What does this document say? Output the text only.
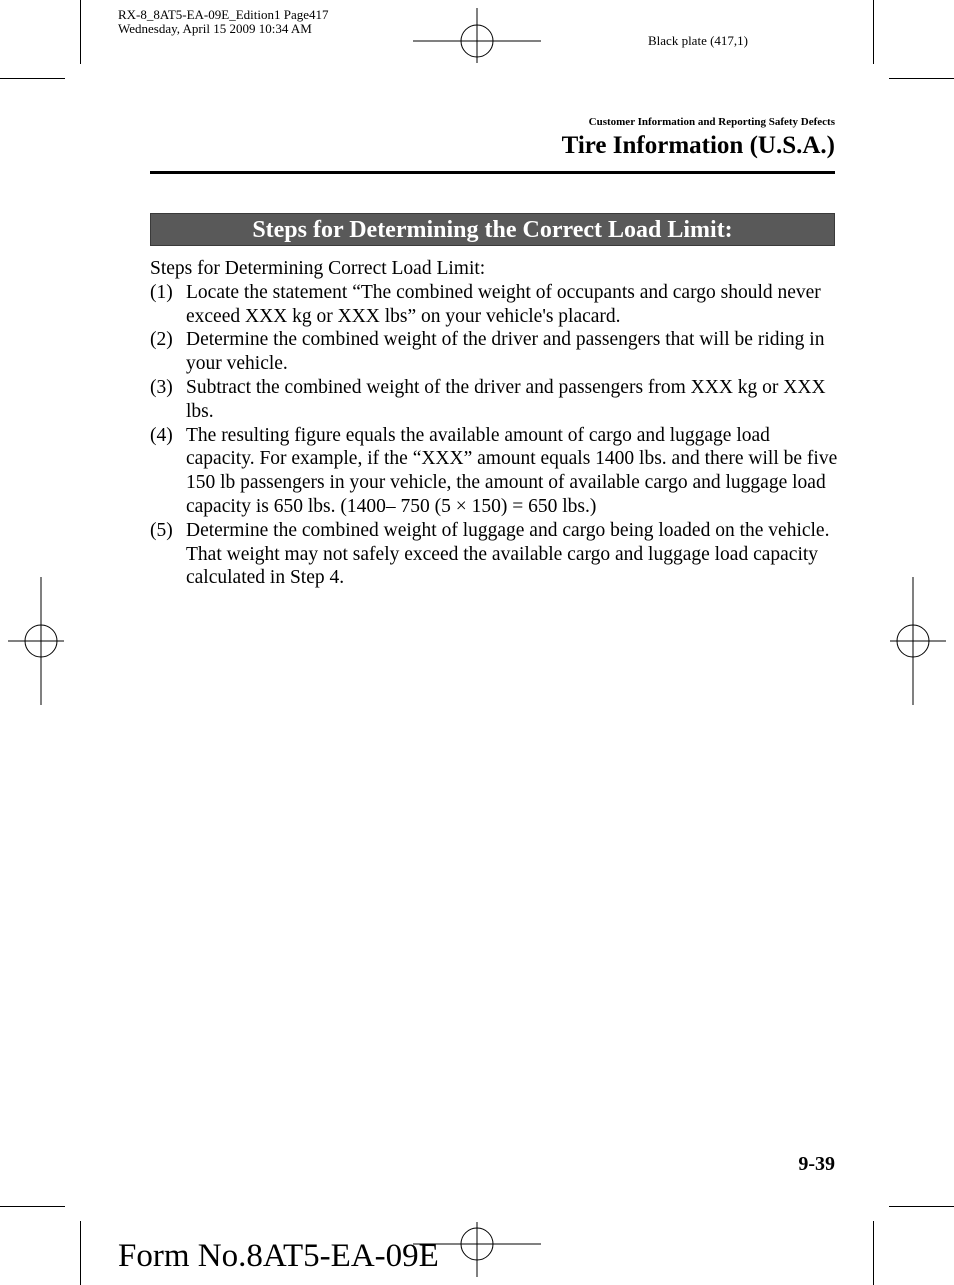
RX-8_8AT5-EA-09E_Edition1 Page417
Wednesday, April 15 2009 10:34 AM
Black plate (417,1)
Customer Information and Reporting Safety Defects
Tire Information (U.S.A.)
Steps for Determining the Correct Load Limit:

Steps for Determining Correct Load Limit:

(1) Locate the statement “The combined weight of occupants and cargo should never exceed XXX kg or XXX lbs” on your vehicle's placard.
(2) Determine the combined weight of the driver and passengers that will be riding in your vehicle.
(3) Subtract the combined weight of the driver and passengers from XXX kg or XXX lbs.
(4) The resulting figure equals the available amount of cargo and luggage load capacity. For example, if the “XXX” amount equals 1400 lbs. and there will be five 150 lb passengers in your vehicle, the amount of available cargo and luggage load capacity is 650 lbs. (1400– 750 (5 × 150) = 650 lbs.)
(5) Determine the combined weight of luggage and cargo being loaded on the vehicle. That weight may not safely exceed the available cargo and luggage load capacity calculated in Step 4.
9-39
Form No.8AT5-EA-09E
